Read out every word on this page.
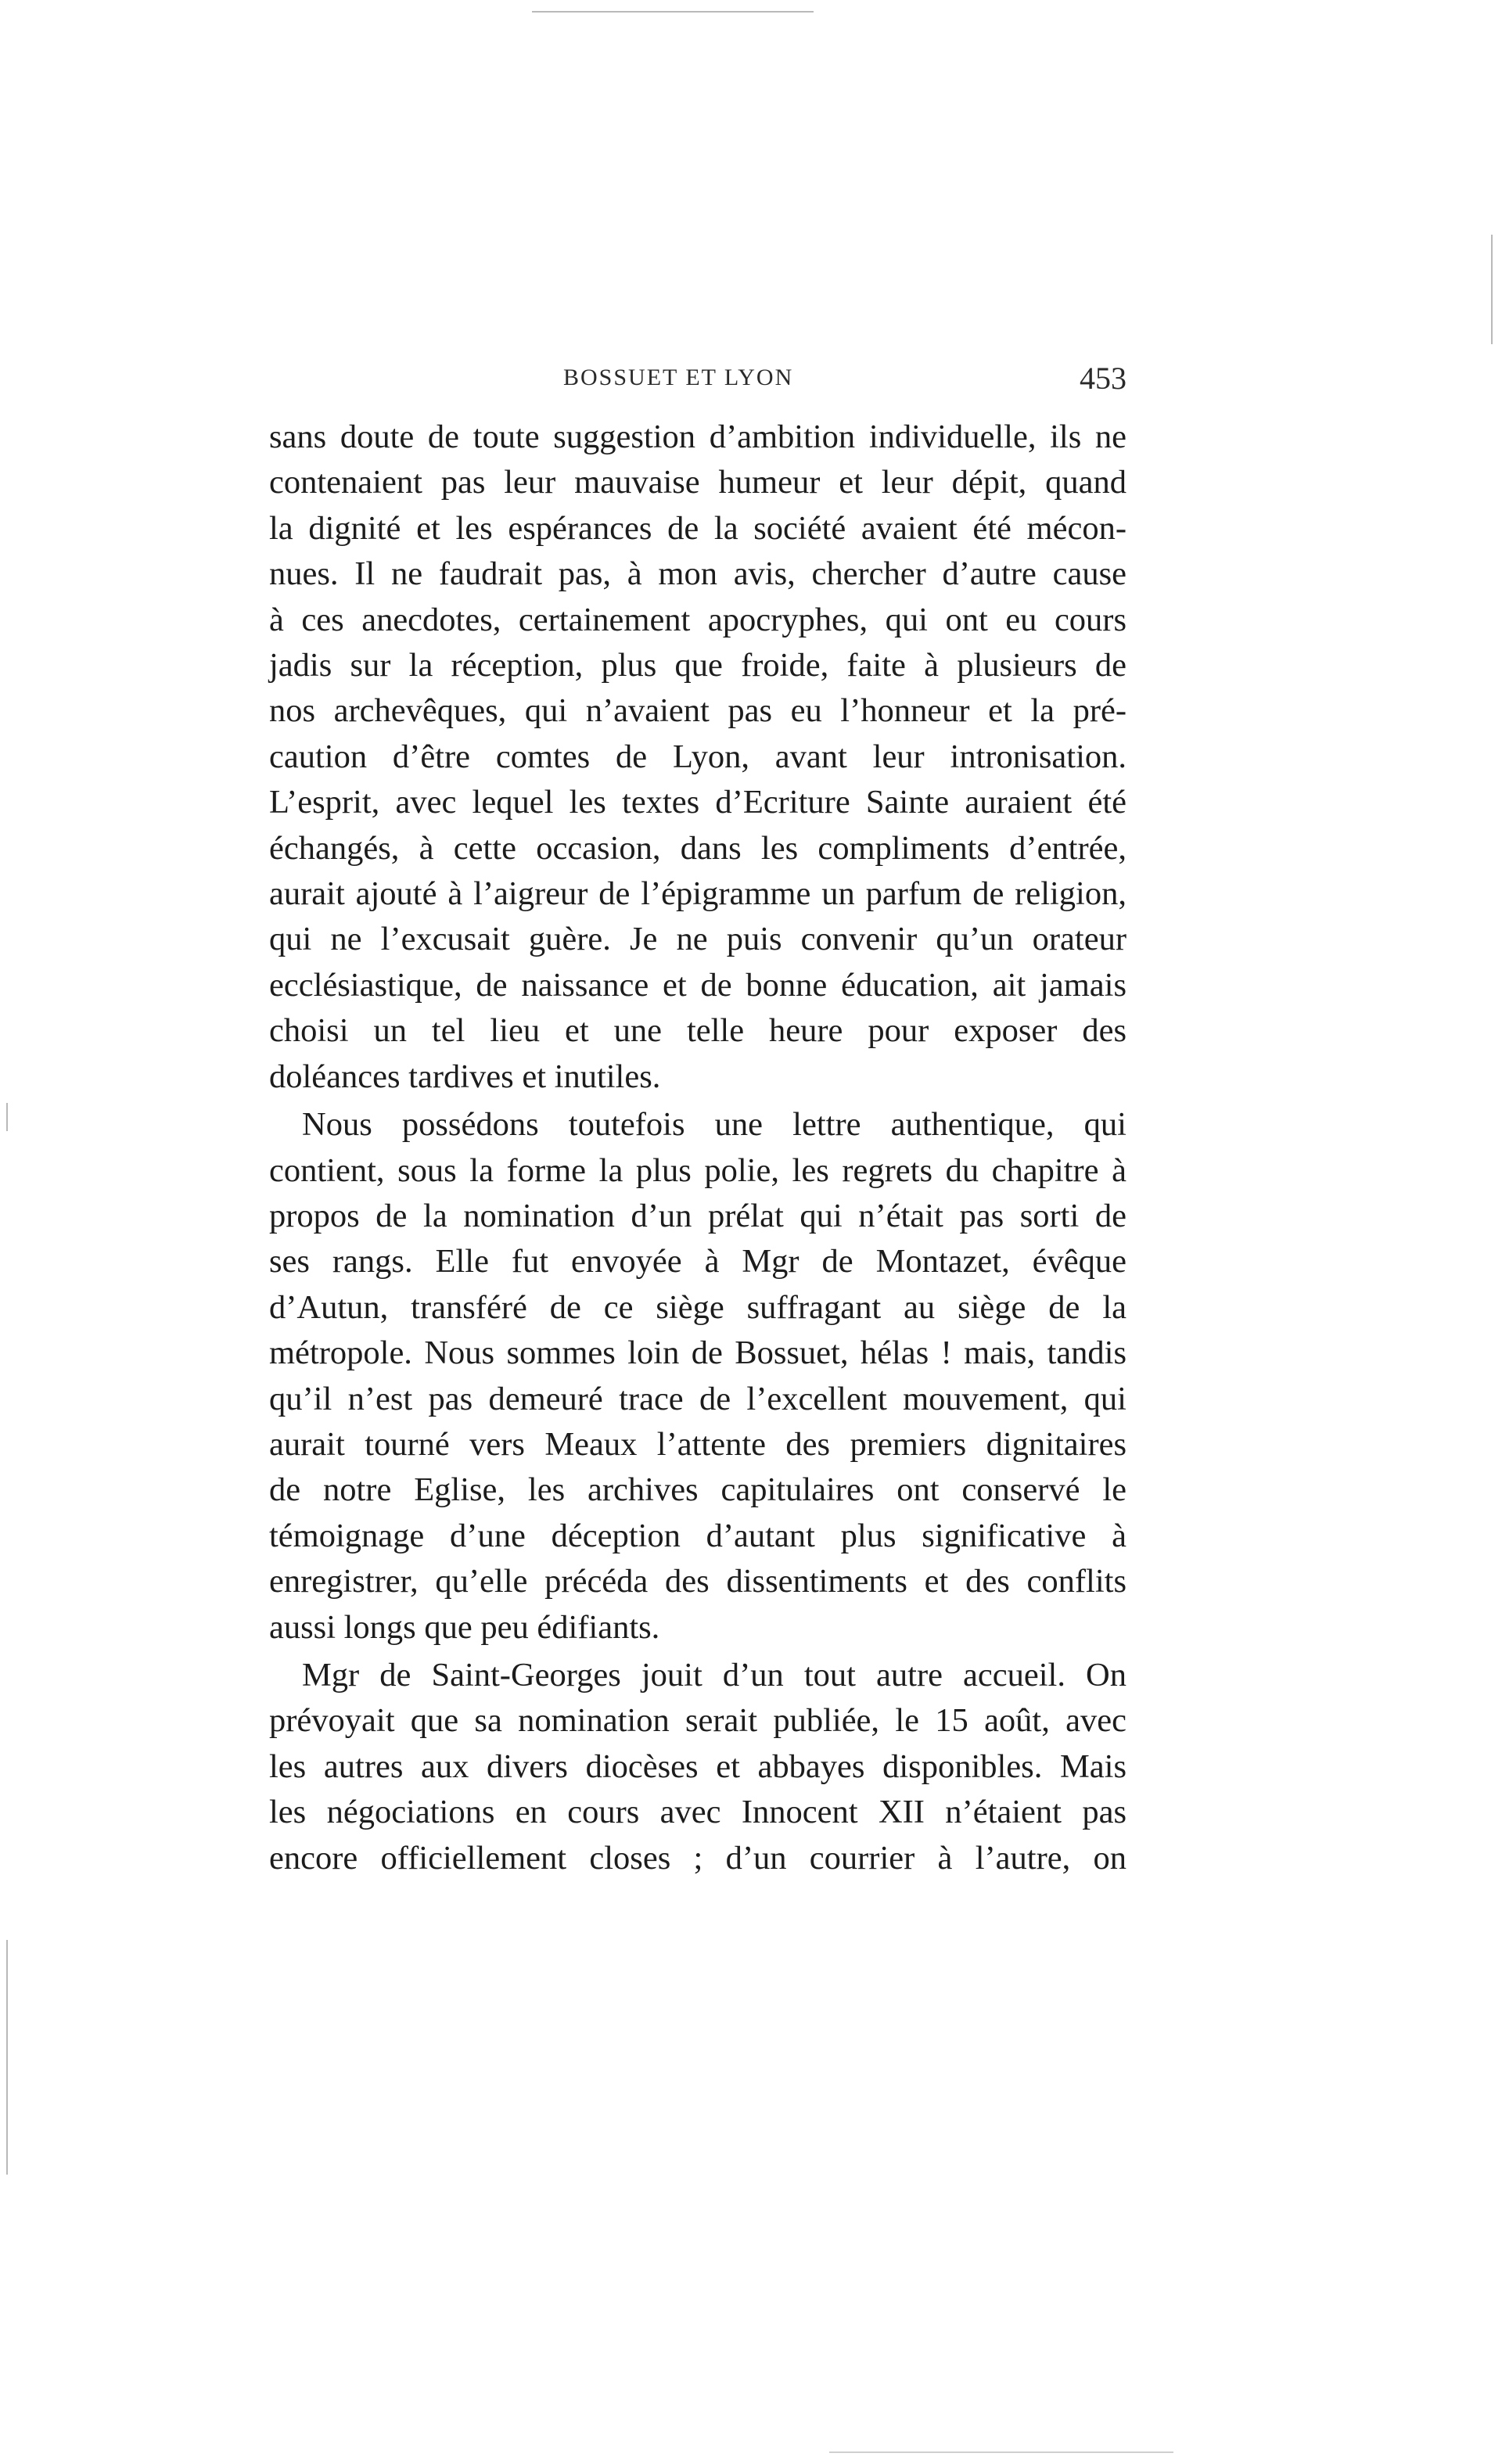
BOSSUET ET LYON	453
sans doute de toute suggestion d’ambition individuelle, ils ne
contenaient pas leur mauvaise humeur et leur dépit, quand
la dignité et les espérances de la société avaient été mécon-
nues. Il ne faudrait pas, à mon avis, chercher d’autre cause
à ces anecdotes, certainement apocryphes, qui ont eu cours
jadis sur la réception, plus que froide, faite à plusieurs de
nos archevêques, qui n’avaient pas eu l’honneur et la pré-
caution d’être comtes de Lyon, avant leur intronisation.
L’esprit, avec lequel les textes d’Ecriture Sainte auraient été
échangés, à cette occasion, dans les compliments d’entrée,
aurait ajouté à l’aigreur de l’épigramme un parfum de religion,
qui ne l’excusait guère. Je ne puis convenir qu’un orateur
ecclésiastique, de naissance et de bonne éducation, ait jamais
choisi un tel lieu et une telle heure pour exposer des
doléances tardives et inutiles.
Nous possédons toutefois une lettre authentique, qui
contient, sous la forme la plus polie, les regrets du chapitre à
propos de la nomination d’un prélat qui n’était pas sorti de
ses rangs. Elle fut envoyée à Mgr de Montazet, évêque
d’Autun, transféré de ce siège suffragant au siège de la
métropole. Nous sommes loin de Bossuet, hélas ! mais, tandis
qu’il n’est pas demeuré trace de l’excellent mouvement, qui
aurait tourné vers Meaux l’attente des premiers dignitaires
de notre Eglise, les archives capitulaires ont conservé le
témoignage d’une déception d’autant plus significative à
enregistrer, qu’elle précéda des dissentiments et des conflits
aussi longs que peu édifiants.
Mgr de Saint-Georges jouit d’un tout autre accueil. On
prévoyait que sa nomination serait publiée, le 15 août, avec
les autres aux divers diocèses et abbayes disponibles. Mais
les négociations en cours avec Innocent XII n’étaient pas
encore officiellement closes ; d’un courrier à l’autre, on
